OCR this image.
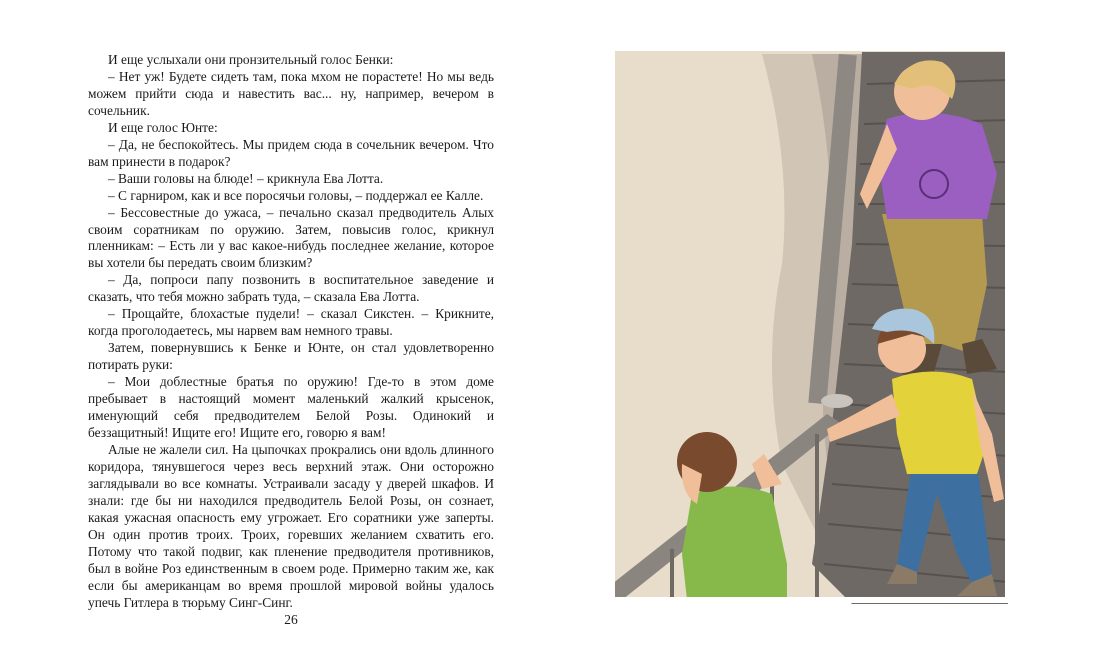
И еще услыхали они пронзительный голос Бенки:

– Нет уж! Будете сидеть там, пока мхом не порастете! Но мы ведь можем прийти сюда и навестить вас... ну, например, вечером в сочельник.

И еще голос Юнте:

– Да, не беспокойтесь. Мы придем сюда в сочельник вечером. Что вам принести в подарок?

– Ваши головы на блюде! – крикнула Ева Лотта.

– С гарниром, как и все поросячьи головы, – поддержал ее Калле.

– Бессовестные до ужаса, – печально сказал предводитель Алых своим соратникам по оружию. Затем, повысив голос, крикнул пленникам: – Есть ли у вас какое-нибудь последнее желание, которое вы хотели бы передать своим близким?

– Да, попроси папу позвонить в воспитательное заведение и сказать, что тебя можно забрать туда, – сказала Ева Лотта.

– Прощайте, блохастые пудели! – сказал Сикстен. – Крикните, когда проголодаетесь, мы нарвем вам немного травы.

Затем, повернувшись к Бенке и Юнте, он стал удовлетворенно потирать руки:

– Мои доблестные братья по оружию! Где-то в этом доме пребывает в настоящий момент маленький жалкий крысенок, именующий себя предводителем Белой Розы. Одинокий и беззащитный! Ищите его! Ищите его, говорю я вам!

Алые не жалели сил. На цыпочках прокрались они вдоль длинного коридора, тянувшегося через весь верхний этаж. Они осторожно заглядывали во все комнаты. Устраивали засаду у дверей шкафов. И знали: где бы ни находился предводитель Белой Розы, он сознает, какая ужасная опасность ему угрожает. Его соратники уже заперты. Он один против троих. Троих, горевших желанием схватить его. Потому что такой подвиг, как пленение предводителя противников, был в войне Роз единственным в своем роде. Примерно таким же, как если бы американцам во время прошлой мировой войны удалось упечь Гитлера в тюрьму Синг-Синг.

26
